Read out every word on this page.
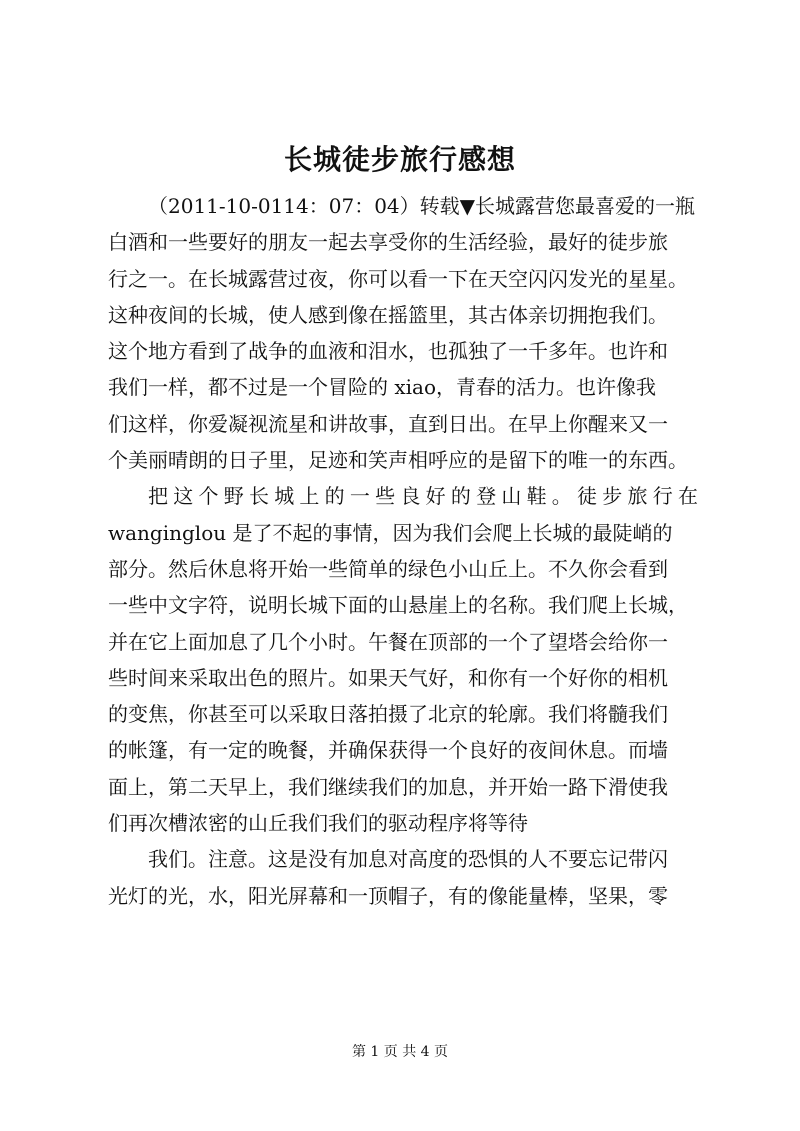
长城徒步旅行感想
（2011-10-0114：07：04）转载▼长城露营您最喜爱的一瓶
白酒和一些要好的朋友一起去享受你的生活经验，最好的徒步旅
行之一。在长城露营过夜，你可以看一下在天空闪闪发光的星星。
这种夜间的长城，使人感到像在摇篮里，其古体亲切拥抱我们。
这个地方看到了战争的血液和泪水，也孤独了一千多年。也许和
我们一样，都不过是一个冒险的 xiao，青春的活力。也许像我
们这样，你爱凝视流星和讲故事，直到日出。在早上你醒来又一
个美丽晴朗的日子里，足迹和笑声相呼应的是留下的唯一的东西。
把这个野长城上的一些良好的登山鞋。徒步旅行在
wanginglou 是了不起的事情，因为我们会爬上长城的最陡峭的
部分。然后休息将开始一些简单的绿色小山丘上。不久你会看到
一些中文字符，说明长城下面的山悬崖上的名称。我们爬上长城，
并在它上面加息了几个小时。午餐在顶部的一个了望塔会给你一
些时间来采取出色的照片。如果天气好，和你有一个好你的相机
的变焦，你甚至可以采取日落拍摄了北京的轮廓。我们将髓我们
的帐篷，有一定的晚餐，并确保获得一个良好的夜间休息。而墙
面上，第二天早上，我们继续我们的加息，并开始一路下滑使我
们再次槽浓密的山丘我们我们的驱动程序将等待
我们。注意。这是没有加息对高度的恐惧的人不要忘记带闪
光灯的光，水，阳光屏幕和一顶帽子，有的像能量棒，坚果，零
第 1 页 共 4 页
